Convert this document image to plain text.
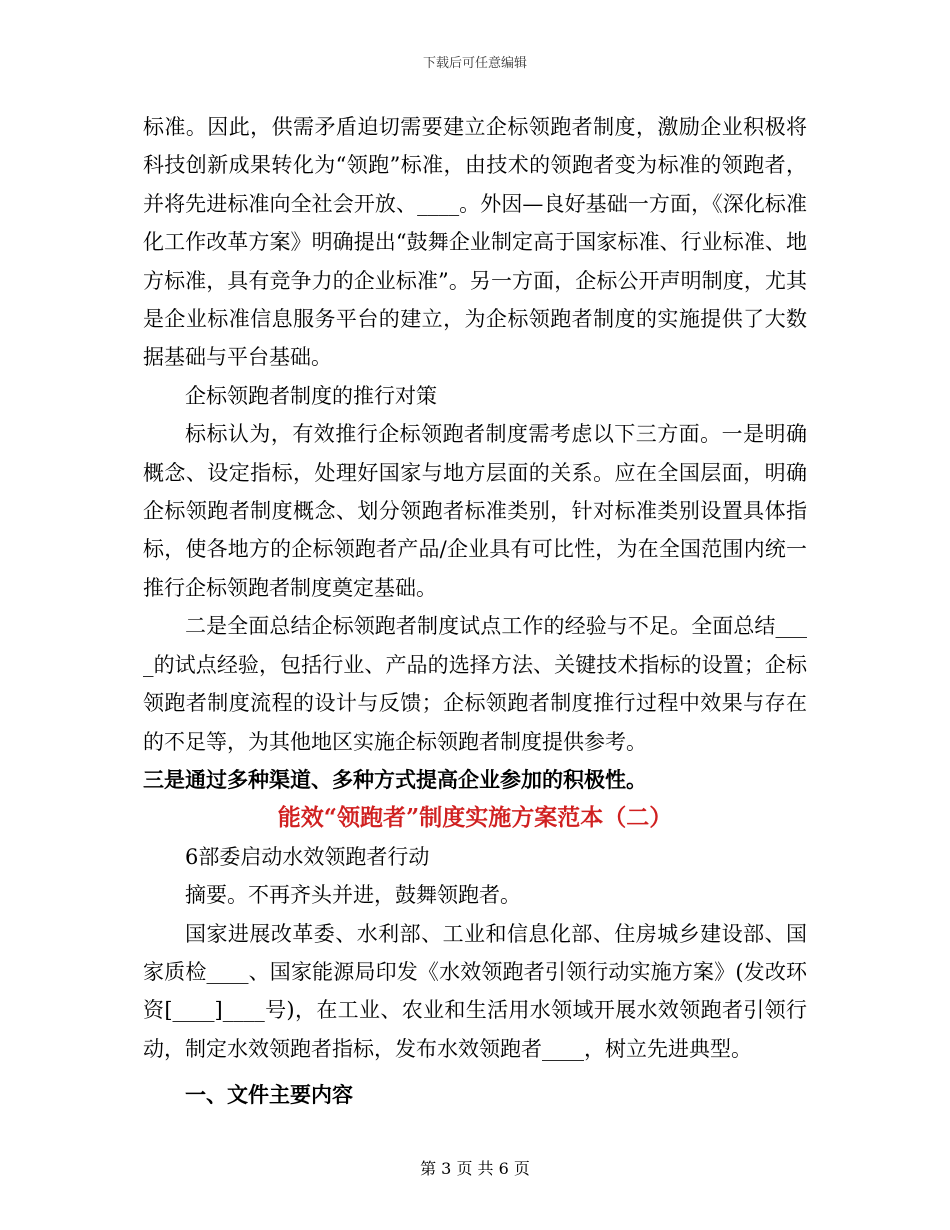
下载后可任意编辑

标准。因此，供需矛盾迫切需要建立企标领跑者制度，激励企业积极将科技创新成果转化为“领跑”标准，由技术的领跑者变为标准的领跑者，并将先进标准向全社会开放、____。外因—良好基础一方面，《深化标准化工作改革方案》明确提出“鼓舞企业制定高于国家标准、行业标准、地方标准，具有竞争力的企业标准”。另一方面，企标公开声明制度，尤其是企业标准信息服务平台的建立，为企标领跑者制度的实施提供了大数据基础与平台基础。

企标领跑者制度的推行对策

标标认为，有效推行企标领跑者制度需考虑以下三方面。一是明确概念、设定指标，处理好国家与地方层面的关系。应在全国层面，明确企标领跑者制度概念、划分领跑者标准类别，针对标准类别设置具体指标，使各地方的企标领跑者产品/企业具有可比性，为在全国范围内统一推行企标领跑者制度奠定基础。

二是全面总结企标领跑者制度试点工作的经验与不足。全面总结____的试点经验，包括行业、产品的选择方法、关键技术指标的设置；企标领跑者制度流程的设计与反馈；企标领跑者制度推行过程中效果与存在的不足等，为其他地区实施企标领跑者制度提供参考。

三是通过多种渠道、多种方式提高企业参加的积极性。

能效“领跑者”制度实施方案范本（二）

6部委启动水效领跑者行动

摘要。不再齐头并进，鼓舞领跑者。

国家进展改革委、水利部、工业和信息化部、住房城乡建设部、国家质检____、国家能源局印发《水效领跑者引领行动实施方案》(发改环资[____]____号)，在工业、农业和生活用水领域开展水效领跑者引领行动，制定水效领跑者指标，发布水效领跑者____，树立先进典型。

一、文件主要内容

第 3 页 共 6 页
